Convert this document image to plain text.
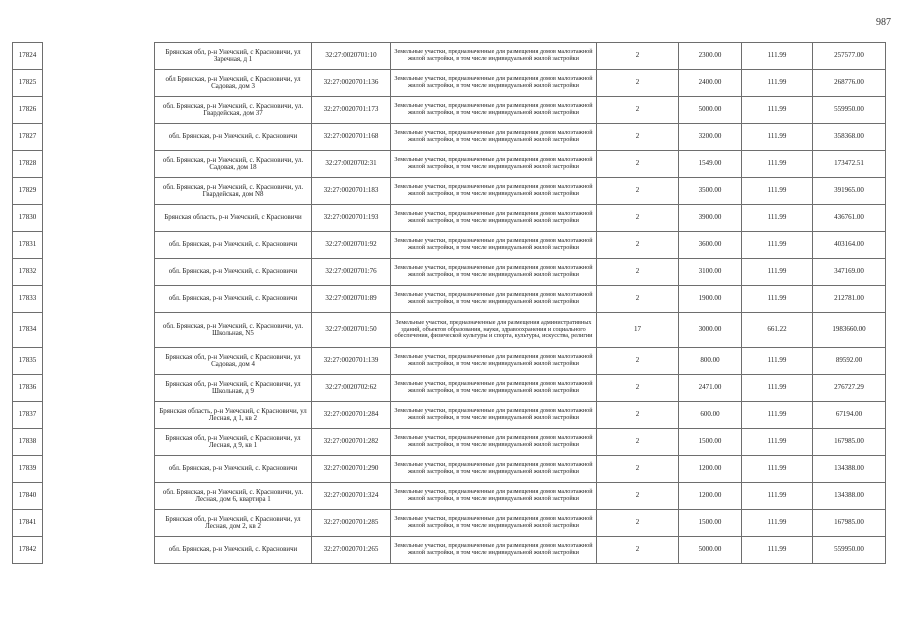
987
17824		Брянская обл, р-н Унечский, с Красновичи, ул Заречная, д 1	32:27:0020701:10	Земельные участки, предназначенные для размещения домов малоэтажной жилой застройки, в том числе индивидуальной жилой застройки	2	2300.00	111.99	257577.00
17825		обл Брянская, р-н Унечский, с Красновичи, ул Садовая, дом 3	32:27:0020701:136	Земельные участки, предназначенные для размещения домов малоэтажной жилой застройки, в том числе индивидуальной жилой застройки	2	2400.00	111.99	268776.00
17826		обл. Брянская, р-н Унечский, с. Красновичи, ул. Гвардейская, дом 37	32:27:0020701:173	Земельные участки, предназначенные для размещения домов малоэтажной жилой застройки, в том числе индивидуальной жилой застройки	2	5000.00	111.99	559950.00
17827		обл. Брянская, р-н Унечский, с. Красновичи	32:27:0020701:168	Земельные участки, предназначенные для размещения домов малоэтажной жилой застройки, в том числе индивидуальной жилой застройки	2	3200.00	111.99	358368.00
17828		обл. Брянская, р-н Унечский, с. Красновичи, ул. Садовая, дом 18	32:27:0020702:31	Земельные участки, предназначенные для размещения домов малоэтажной жилой застройки, в том числе индивидуальной жилой застройки	2	1549.00	111.99	173472.51
17829		обл. Брянская, р-н Унечский, с. Красновичи, ул. Гвардейская, дом N8	32:27:0020701:183	Земельные участки, предназначенные для размещения домов малоэтажной жилой застройки, в том числе индивидуальной жилой застройки	2	3500.00	111.99	391965.00
17830		Брянская область, р-н Унечский, с Красновичи	32:27:0020701:193	Земельные участки, предназначенные для размещения домов малоэтажной жилой застройки, в том числе индивидуальной жилой застройки	2	3900.00	111.99	436761.00
17831		обл. Брянская, р-н Унечский, с. Красновичи	32:27:0020701:92	Земельные участки, предназначенные для размещения домов малоэтажной жилой застройки, в том числе индивидуальной жилой застройки	2	3600.00	111.99	403164.00
17832		обл. Брянская, р-н Унечский, с. Красновичи	32:27:0020701:76	Земельные участки, предназначенные для размещения домов малоэтажной жилой застройки, в том числе индивидуальной жилой застройки	2	3100.00	111.99	347169.00
17833		обл. Брянская, р-н Унечский, с. Красновичи	32:27:0020701:89	Земельные участки, предназначенные для размещения домов малоэтажной жилой застройки, в том числе индивидуальной жилой застройки	2	1900.00	111.99	212781.00
17834		обл. Брянская, р-н Унечский, с. Красновичи, ул. Школьная, N5	32:27:0020701:50	Земельные участки, предназначенные для размещения административных зданий, объектов образования, науки, здравоохранения и социального обеспечения, физической культуры и спорта, культуры, искусства, религии	17	3000.00	661.22	1983660.00
17835		Брянская обл, р-н Унечский, с Красновичи, ул Садовая, дом 4	32:27:0020701:139	Земельные участки, предназначенные для размещения домов малоэтажной жилой застройки, в том числе индивидуальной жилой застройки	2	800.00	111.99	89592.00
17836		Брянская обл, р-н Унечский, с Красновичи, ул Школьная, д 9	32:27:0020702:62	Земельные участки, предназначенные для размещения домов малоэтажной жилой застройки, в том числе индивидуальной жилой застройки	2	2471.00	111.99	276727.29
17837		Брянская область, р-н Унечский, с Красновичи, ул Лесная, д 1, кв 2	32:27:0020701:284	Земельные участки, предназначенные для размещения домов малоэтажной жилой застройки, в том числе индивидуальной жилой застройки	2	600.00	111.99	67194.00
17838		Брянская обл, р-н Унечский, с Красновичи, ул Лесная, д 9, кв 1	32:27:0020701:282	Земельные участки, предназначенные для размещения домов малоэтажной жилой застройки, в том числе индивидуальной жилой застройки	2	1500.00	111.99	167985.00
17839		обл. Брянская, р-н Унечский, с. Красновичи	32:27:0020701:290	Земельные участки, предназначенные для размещения домов малоэтажной жилой застройки, в том числе индивидуальной жилой застройки	2	1200.00	111.99	134388.00
17840		обл. Брянская, р-н Унечский, с. Красновичи, ул. Лесная, дом 6, квартира 1	32:27:0020701:324	Земельные участки, предназначенные для размещения домов малоэтажной жилой застройки, в том числе индивидуальной жилой застройки	2	1200.00	111.99	134388.00
17841		Брянская обл, р-н Унечский, с Красновичи, ул Лесная, дом 2, кв 2	32:27:0020701:285	Земельные участки, предназначенные для размещения домов малоэтажной жилой застройки, в том числе индивидуальной жилой застройки	2	1500.00	111.99	167985.00
17842		обл. Брянская, р-н Унечский, с. Красновичи	32:27:0020701:265	Земельные участки, предназначенные для размещения домов малоэтажной жилой застройки, в том числе индивидуальной жилой застройки	2	5000.00	111.99	559950.00
